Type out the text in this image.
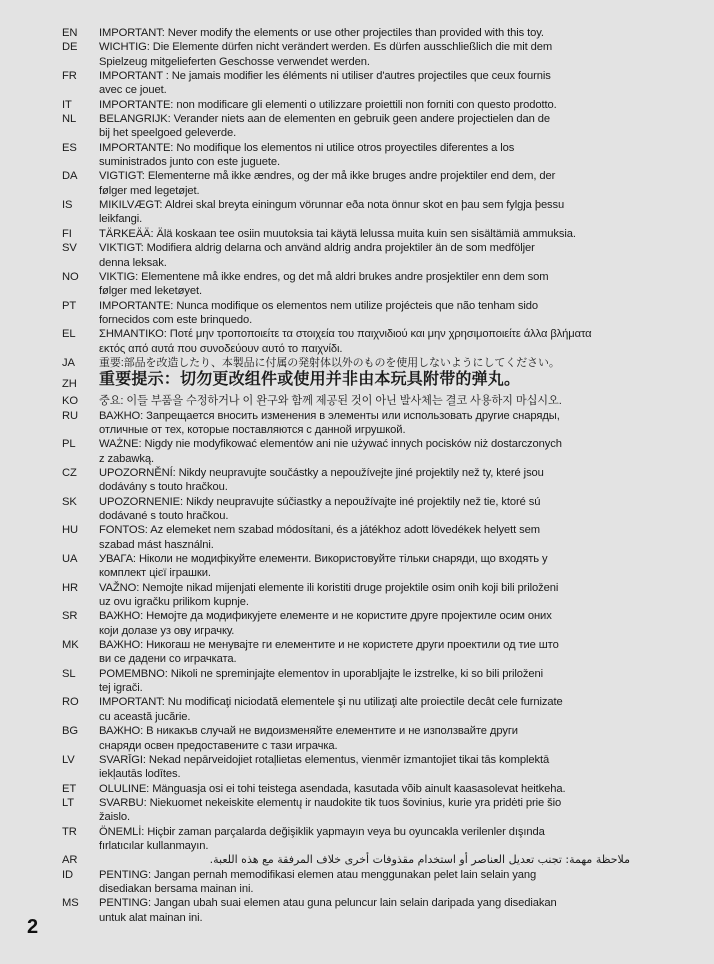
EN	IMPORTANT: Never modify the elements or use other projectiles than provided with this toy.
DE	WICHTIG: Die Elemente dürfen nicht verändert werden. Es dürfen ausschließlich die mit dem
Spielzeug mitgelieferten Geschosse verwendet werden.
FR	IMPORTANT : Ne jamais modifier les éléments ni utiliser d'autres projectiles que ceux fournis
avec ce jouet.
IT	IMPORTANTE: non modificare gli elementi o utilizzare proiettili non forniti con questo prodotto.
NL	BELANGRIJK: Verander niets aan de elementen en gebruik geen andere projectielen dan de
bij het speelgoed geleverde.
ES	IMPORTANTE: No modifique los elementos ni utilice otros proyectiles diferentes a los
suministrados junto con este juguete.
DA	VIGTIGT: Elementerne må ikke ændres, og der må ikke bruges andre projektiler end dem, der
følger med legetøjet.
IS	MIKILVÆGT: Aldrei skal breyta einingum vörunnar eða nota önnur skot en þau sem fylgja þessu
leikfangi.
FI	TÄRKEÄÄ: Älä koskaan tee osiin muutoksia tai käytä lelussa muita kuin sen sisältämiä ammuksia.
SV	VIKTIGT: Modifiera aldrig delarna och använd aldrig andra projektiler än de som medföljer
denna leksak.
NO	VIKTIG: Elementene må ikke endres, og det må aldri brukes andre prosjektiler enn dem som
følger med leketøyet.
PT	IMPORTANTE: Nunca modifique os elementos nem utilize projécteis que não tenham sido
fornecidos com este brinquedo.
EL	ΣΗΜΑΝΤΙΚΟ: Ποτέ μην τροποποιείτε τα στοιχεία του παιχνιδιού και μην χρησιμοποιείτε άλλα βλήματα
εκτός από αυτά που συνοδεύουν αυτό το παιχνίδι.
JA	重要:部品を改造したり、本製品に付属の発射体以外のものを使用しないようにしてください。
ZH	重要提示：切勿更改组件或使用并非由本玩具附带的弹丸。
KO	중요: 이들 부품을 수정하거나 이 완구와 함께 제공된 것이 아닌 발사체는 결코 사용하지 마십시오.
RU	ВАЖНО: Запрещается вносить изменения в элементы или использовать другие снаряды,
отличные от тех, которые поставляются с данной игрушкой.
PL	WAŻNE: Nigdy nie modyfikować elementów ani nie używać innych pocisków niż dostarczonych
z zabawką.
CZ	UPOZORNĚNÍ: Nikdy neupravujte součástky a nepoužívejte jiné projektily než ty, které jsou
dodávány s touto hračkou.
SK	UPOZORNENIE: Nikdy neupravujte súčiastky a nepoužívajte iné projektily než tie, ktoré sú
dodávané s touto hračkou.
HU	FONTOS: Az elemeket nem szabad módosítani, és a játékhoz adott lövedékek helyett sem
szabad mást használni.
UA	УВАГА: Ніколи не модифікуйте елементи. Використовуйте тільки снаряди, що входять у
комплект цієї іграшки.
HR	VAŽNO: Nemojte nikad mijenjati elemente ili koristiti druge projektile osim onih koji bili priloženi
uz ovu igračku prilikom kupnje.
SR	ВАЖНО: Немојте да модификујете елементе и не користите друге пројектиле осим оних
који долазе уз ову играчку.
MK	ВАЖНО: Никогаш не менувајте ги елементите и не користете други проектили од тие што
ви се дадени со играчката.
SL	POMEMBNO: Nikoli ne spreminjajte elementov in uporabljajte le izstrelke, ki so bili priloženi
tej igrači.
RO	IMPORTANT: Nu modificaţi niciodată elementele şi nu utilizaţi alte proiectile decât cele furnizate
cu această jucărie.
BG	ВАЖНО: В никакъв случай не видоизменяйте елементите и не използвайте други
снаряди освен предоставените с тази играчка.
LV	SVARĪGI: Nekad nepārveidojiet rotaļlietas elementus, vienmēr izmantojiet tikai tās komplektā
iekļautās lodītes.
ET	OLULINE: Mänguasja osi ei tohi teistega asendada, kasutada võib ainult kaasasolevat heitkeha.
LT	SVARBU: Niekuomet nekeiskite elementų ir naudokite tik tuos šovinius, kurie yra pridėti prie šio
žaislo.
TR	ÖNEMLİ: Hiçbir zaman parçalarda değişiklik yapmayın veya bu oyuncakla verilenler dışında
fırlatıcılar kullanmayın.
AR	ملاحظة مهمة: تجنب تعديل العناصر أو استخدام مقذوفات أخرى خلاف المرفقة مع هذه اللعبة.
ID	PENTING: Jangan pernah memodifikasi elemen atau menggunakan pelet lain selain yang
disediakan bersama mainan ini.
MS	PENTING: Jangan ubah suai elemen atau guna peluncur lain selain daripada yang disediakan
untuk alat mainan ini.
2
